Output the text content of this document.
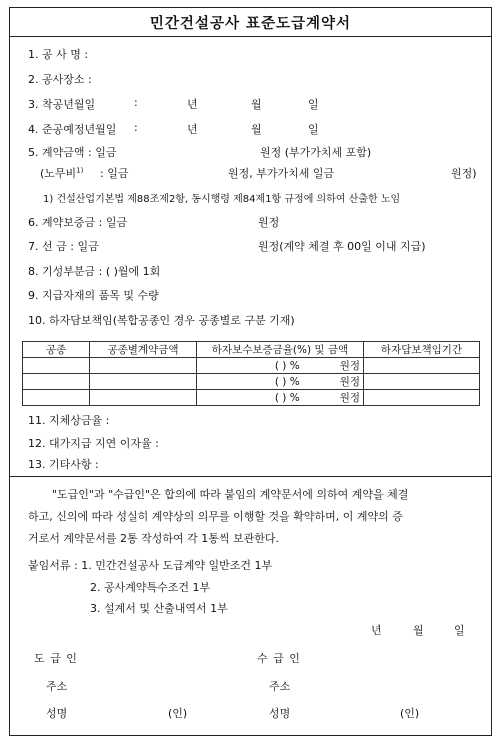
민간건설공사 표준도급계약서
1. 공 사 명 :
2. 공사장소 :
3. 착공년월일	:	년	월	일
4. 준공예정년월일 :	년	월	일
5. 계약금액 : 일금	원정 (부가가치세 포함)
(노무비$^{1)}$ : 일금	원정, 부가가치세 일금	원정)
1) 건설산업기본법 제88조제2항, 동시행령 제84제1항 규정에 의하여 산출한 노임
6. 계약보증금 : 일금	원정
7. 선 금 : 일금	원정(계약 체결 후 00일 이내 지급)
8. 기성부분금 : ( )월에 1회
9. 지급자재의 품목 및 수량
10. 하자담보책임(복합공종인 경우 공종별로 구분 기재)
공종	공종별계약금액	하자보수보증금율(%) 및 금액	하자담보책임기간
		( ) % 원정	
		( ) % 원정	
		( ) % 원정	
11. 지체상금율 :
12. 대가지급 지연 이자율 :
13. 기타사항 :
"도급인"과 "수급인"은 합의에 따라 붙임의 계약문서에 의하여 계약을 체결
하고, 신의에 따라 성실히 계약상의 의무를 이행할 것을 확약하며, 이 계약의 증
거로서 계약문서를 2통 작성하여 각 1통씩 보관한다.
붙임서류 : 1. 민간건설공사 도급계약 일반조건 1부
2. 공사계약특수조건 1부
3. 설계서 및 산출내역서 1부
년	월	일
도 급 인	수 급 인
주소	주소
성명	(인)	성명	(인)
